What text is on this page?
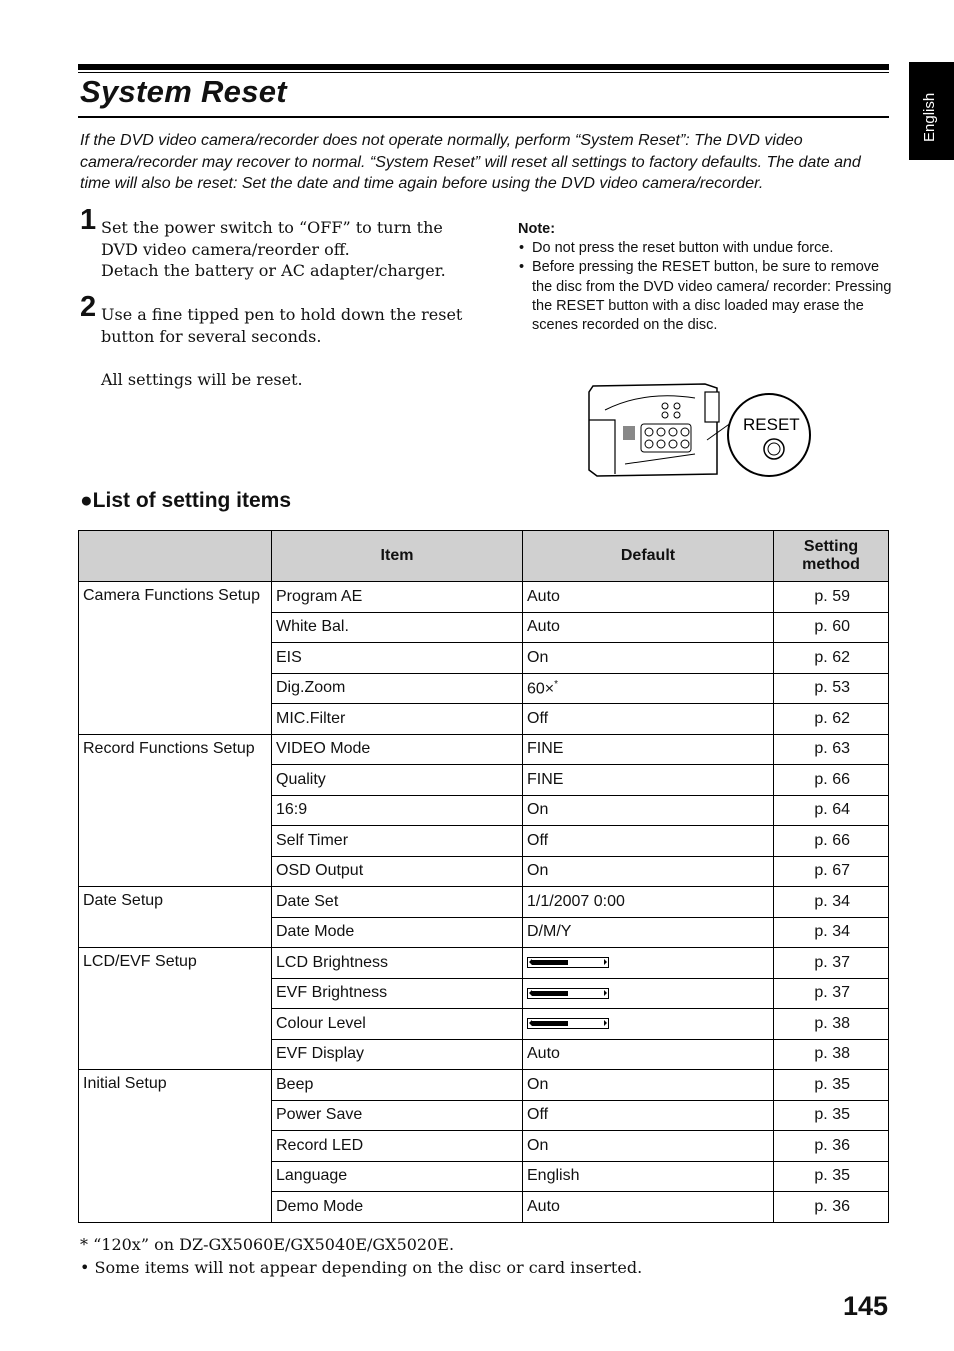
System Reset
English
If the DVD video camera/recorder does not operate normally, perform “System Reset”: The DVD video camera/recorder may recover to normal. “System Reset” will reset all settings to factory defaults. The date and time will also be reset: Set the date and time again before using the DVD video camera/recorder.
1 Set the power switch to “OFF” to turn the DVD video camera/reorder off.
Detach the battery or AC adapter/charger.
2 Use a fine tipped pen to hold down the reset button for several seconds.
All settings will be reset.
Note:
• Do not press the reset button with undue force.
• Before pressing the RESET button, be sure to remove the disc from the DVD video camera/ recorder: Pressing the RESET button with a disc loaded may erase the scenes recorded on the disc.
RESET
●List of setting items
	Item	Default	Setting method
Camera Functions Setup	Program AE	Auto	p. 59
	White Bal.	Auto	p. 60
	EIS	On	p. 62
	Dig.Zoom	60×*	p. 53
	MIC.Filter	Off	p. 62
Record Functions Setup	VIDEO Mode	FINE	p. 63
	Quality	FINE	p. 66
	16:9	On	p. 64
	Self Timer	Off	p. 66
	OSD Output	On	p. 67
Date Setup	Date Set	1/1/2007 0:00	p. 34
	Date Mode	D/M/Y	p. 34
LCD/EVF Setup	LCD Brightness		p. 37
	EVF Brightness		p. 37
	Colour Level		p. 38
	EVF Display	Auto	p. 38
Initial Setup	Beep	On	p. 35
	Power Save	Off	p. 35
	Record LED	On	p. 36
	Language	English	p. 35
	Demo Mode	Auto	p. 36
* “120x” on DZ-GX5060E/GX5040E/GX5020E.
• Some items will not appear depending on the disc or card inserted.
145
